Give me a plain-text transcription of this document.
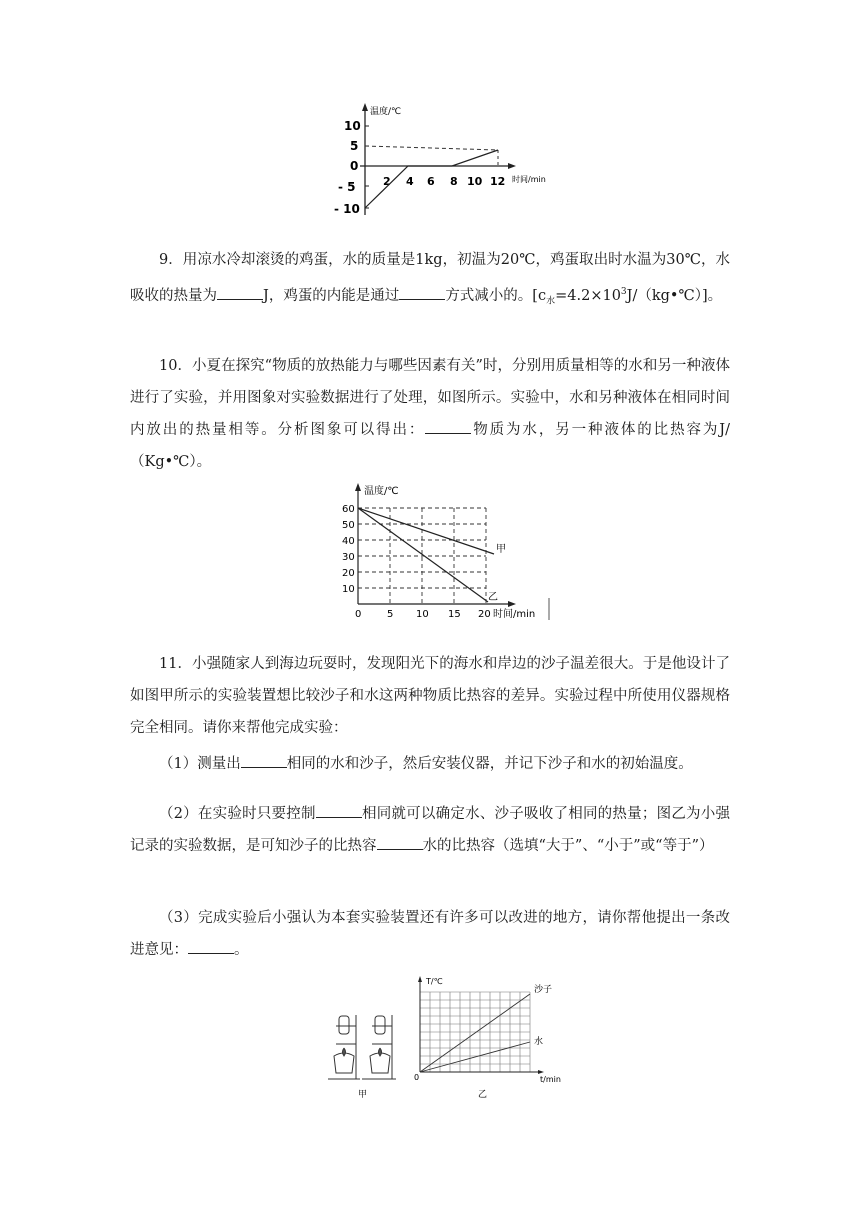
温度/℃
时间/min
10
5
0
- 5
- 10
2 4 6 8 10 12

9．用凉水冷却滚烫的鸡蛋，水的质量是1kg，初温为20℃，鸡蛋取出时水温为30℃，水吸收的热量为	J，鸡蛋的内能是通过	方式减小的。$[c_水=4.2\times 10^3J/(kg•℃)]$。

10．小夏在探究“物质的放热能力与哪些因素有关”时，分别用质量相等的水和另一种液体进行了实验，并用图象对实验数据进行了处理，如图所示。实验中，水和另种液体在相同时间内放出的热量相等。分析图象可以得出：	物质为水，另一种液体的比热容为J/（Kg•℃）。

温度/℃
时间/min
60
50
40
30
20
10
0	5 10 15 20
甲
乙

11．小强随家人到海边玩耍时，发现阳光下的海水和岸边的沙子温差很大。于是他设计了如图甲所示的实验装置想比较沙子和水这两种物质比热容的差异。实验过程中所使用仪器规格完全相同。请你来帮他完成实验：

（1）测量出	相同的水和沙子，然后安装仪器，并记下沙子和水的初始温度。

（2）在实验时只要控制	相同就可以确定水、沙子吸收了相同的热量；图乙为小强记录的实验数据，是可知沙子的比热容	水的比热容（选填“大于”、“小于”或“等于”）

（3）完成实验后小强认为本套实验装置还有许多可以改进的地方，请你帮他提出一条改进意见：	。

甲
T/℃
t/min
0
沙子
水
乙
